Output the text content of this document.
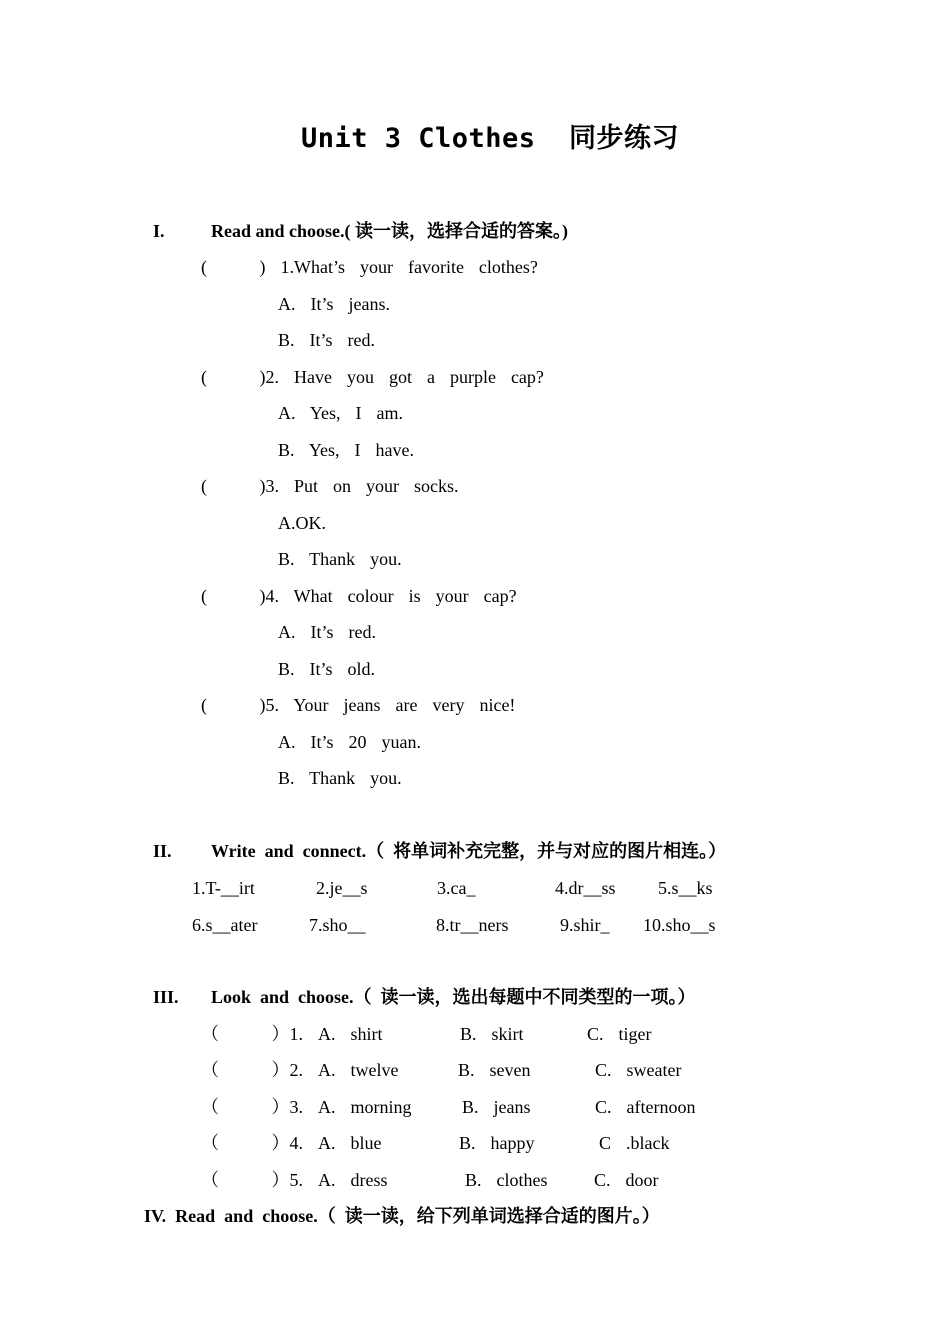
Unit 3 Clothes  同步练习
I.	Read and choose.( 读一读，选择合适的答案。)
(       )  1.What’s  your  favorite  clothes?
A.  It’s  jeans.
B.  It’s  red.
(       )2.  Have  you  got  a  purple  cap?
A.  Yes,  I  am.
B.  Yes,  I  have.
(       )3.  Put  on  your  socks.
A.OK.
B.  Thank  you.
(       )4.  What  colour  is  your  cap?
A.  It’s  red.
B.  It’s  old.
(       )5.  Your  jeans  are  very  nice!
A.  It’s  20  yuan.
B.  Thank  you.
II. Write  and  connect.（  将单词补充完整，并与对应的图片相连。）
1.T-__irt	2.je__s	3.ca_	4.dr__ss 5.s__ks
6.s__ater	7.sho__	8.tr__ners	9.shir_ 10.sho__s
III. Look  and  choose.（  读一读，选出每题中不同类型的一项。）
（       ）1.  A.  shirt	B.  skirt	C.  tiger
（       ）2.  A.  twelve	B.  seven	C.  sweater
（       ）3.  A.  morning	B.  jeans	C.  afternoon
（       ）4.  A.  blue	B.  happy	C  .black
（       ）5.  A.  dress	B.  clothes	C.  door
IV.  Read  and  choose.（  读一读，给下列单词选择合适的图片。）
